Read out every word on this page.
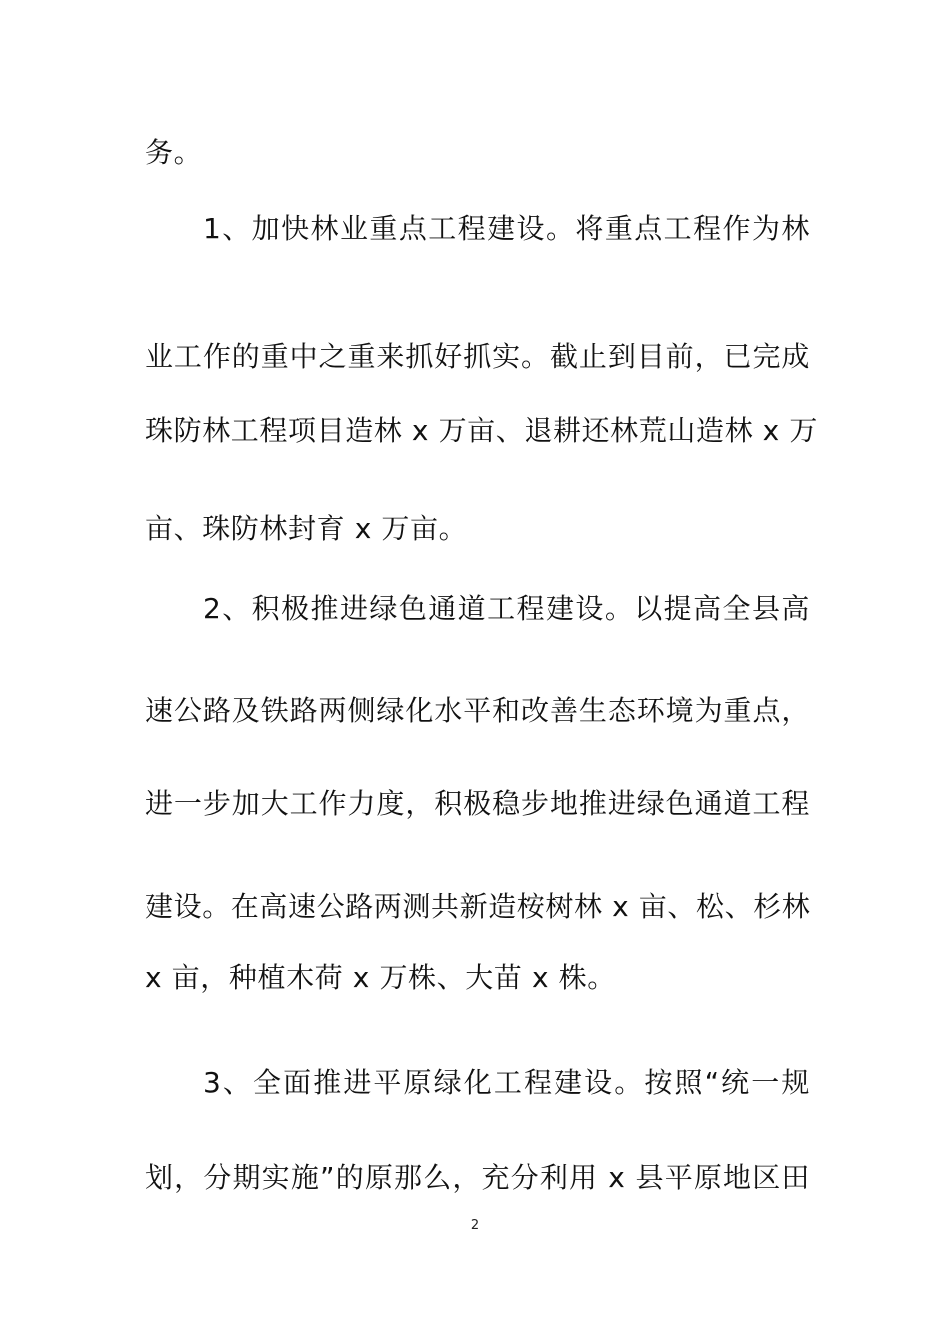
务。
1、加快林业重点工程建设。将重点工程作为林
业工作的重中之重来抓好抓实。截止到目前，已完成
珠防林工程项目造林 x 万亩、退耕还林荒山造林 x 万
亩、珠防林封育 x 万亩。
2、积极推进绿色通道工程建设。以提高全县高
速公路及铁路两侧绿化水平和改善生态环境为重点，
进一步加大工作力度，积极稳步地推进绿色通道工程
建设。在高速公路两测共新造桉树林 x 亩、松、杉林
x 亩，种植木荷 x 万株、大苗 x 株。
3、全面推进平原绿化工程建设。按照“统一规
划，分期实施”的原那么，充分利用 x 县平原地区田
2
